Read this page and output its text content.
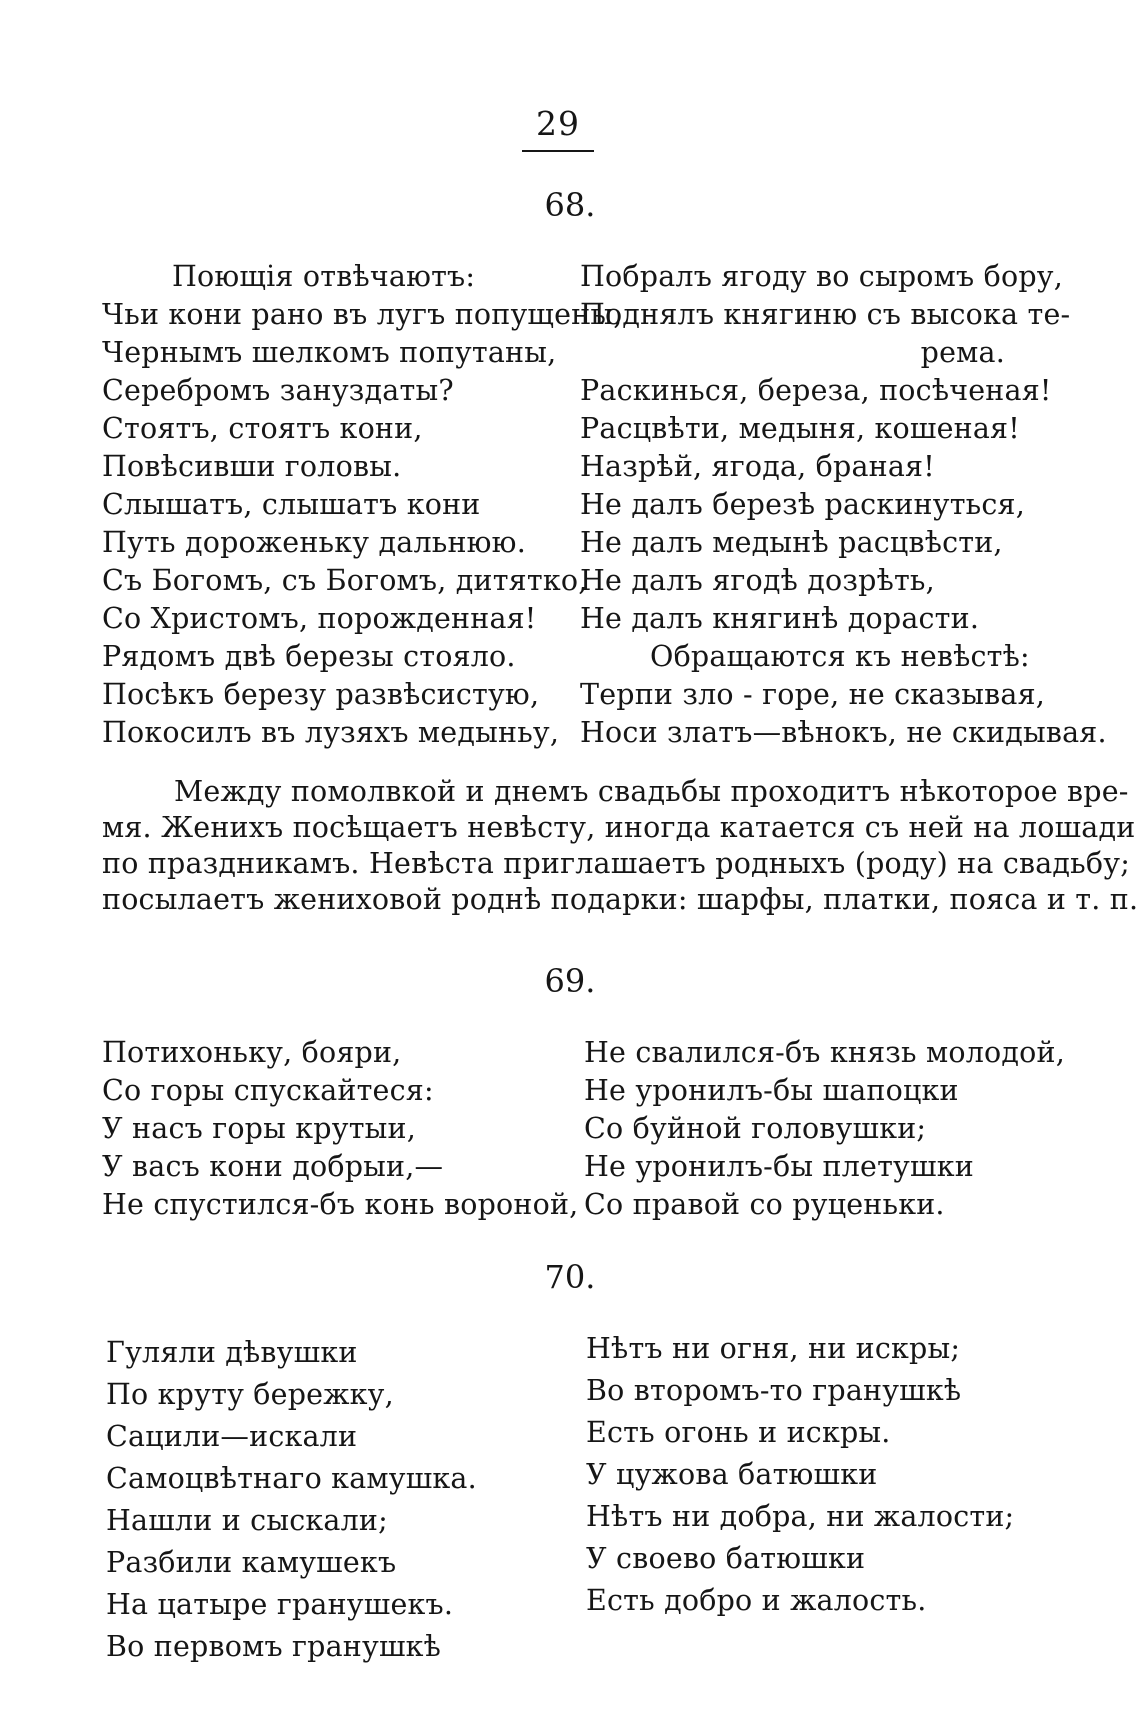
29
68.
Поющія отвѣчаютъ:
Чьи кони рано въ лугъ попущены,
Чернымъ шелкомъ попутаны,
Серебромъ зануздаты?
Стоятъ, стоятъ кони,
Повѣсивши головы.
Слышатъ, слышатъ кони
Путь дороженьку дальнюю.
Съ Богомъ, съ Богомъ, дитятко,
Со Христомъ, порожденная!
Рядомъ двѣ березы стояло.
Посѣкъ березу развѣсистую,
Покосилъ въ лузяхъ медыньу,
Побралъ ягоду во сыромъ бору,
Поднялъ княгиню съ высока те-
рема.
Раскинься, береза, посѣченая!
Расцвѣти, медыня, кошеная!
Назрѣй, ягода, браная!
Не далъ березѣ раскинуться,
Не далъ медынѣ расцвѣсти,
Не далъ ягодѣ дозрѣть,
Не далъ княгинѣ дорасти.
Обращаются къ невѣстѣ:
Терпи зло - горе, не сказывая,
Носи златъ—вѣнокъ, не скидывая.
Между помолвкой и днемъ свадьбы проходитъ нѣкоторое вре-
мя. Женихъ посѣщаетъ невѣсту, иногда катается съ ней на лошади
по праздникамъ. Невѣста приглашаетъ родныхъ (роду) на свадьбу;
посылаетъ жениховой роднѣ подарки: шарфы, платки, пояса и т. п.
69.
Потихоньку, бояри,
Со горы спускайтеся:
У насъ горы крутыи,
У васъ кони добрыи,—
Не спустился-бъ конь вороной,
Не свалился-бъ князь молодой,
Не уронилъ-бы шапоцки
Со буйной головушки;
Не уронилъ-бы плетушки
Со правой со руценьки.
70.
Гуляли дѣвушки
По круту бережку,
Сацили—искали
Самоцвѣтнаго камушка.
Нашли и сыскали;
Разбили камушекъ
На цатыре гранушекъ.
Во первомъ гранушкѣ
Нѣтъ ни огня, ни искры;
Во второмъ-то гранушкѣ
Есть огонь и искры.
У цужова батюшки
Нѣтъ ни добра, ни жалости;
У своево батюшки
Есть добро и жалость.
